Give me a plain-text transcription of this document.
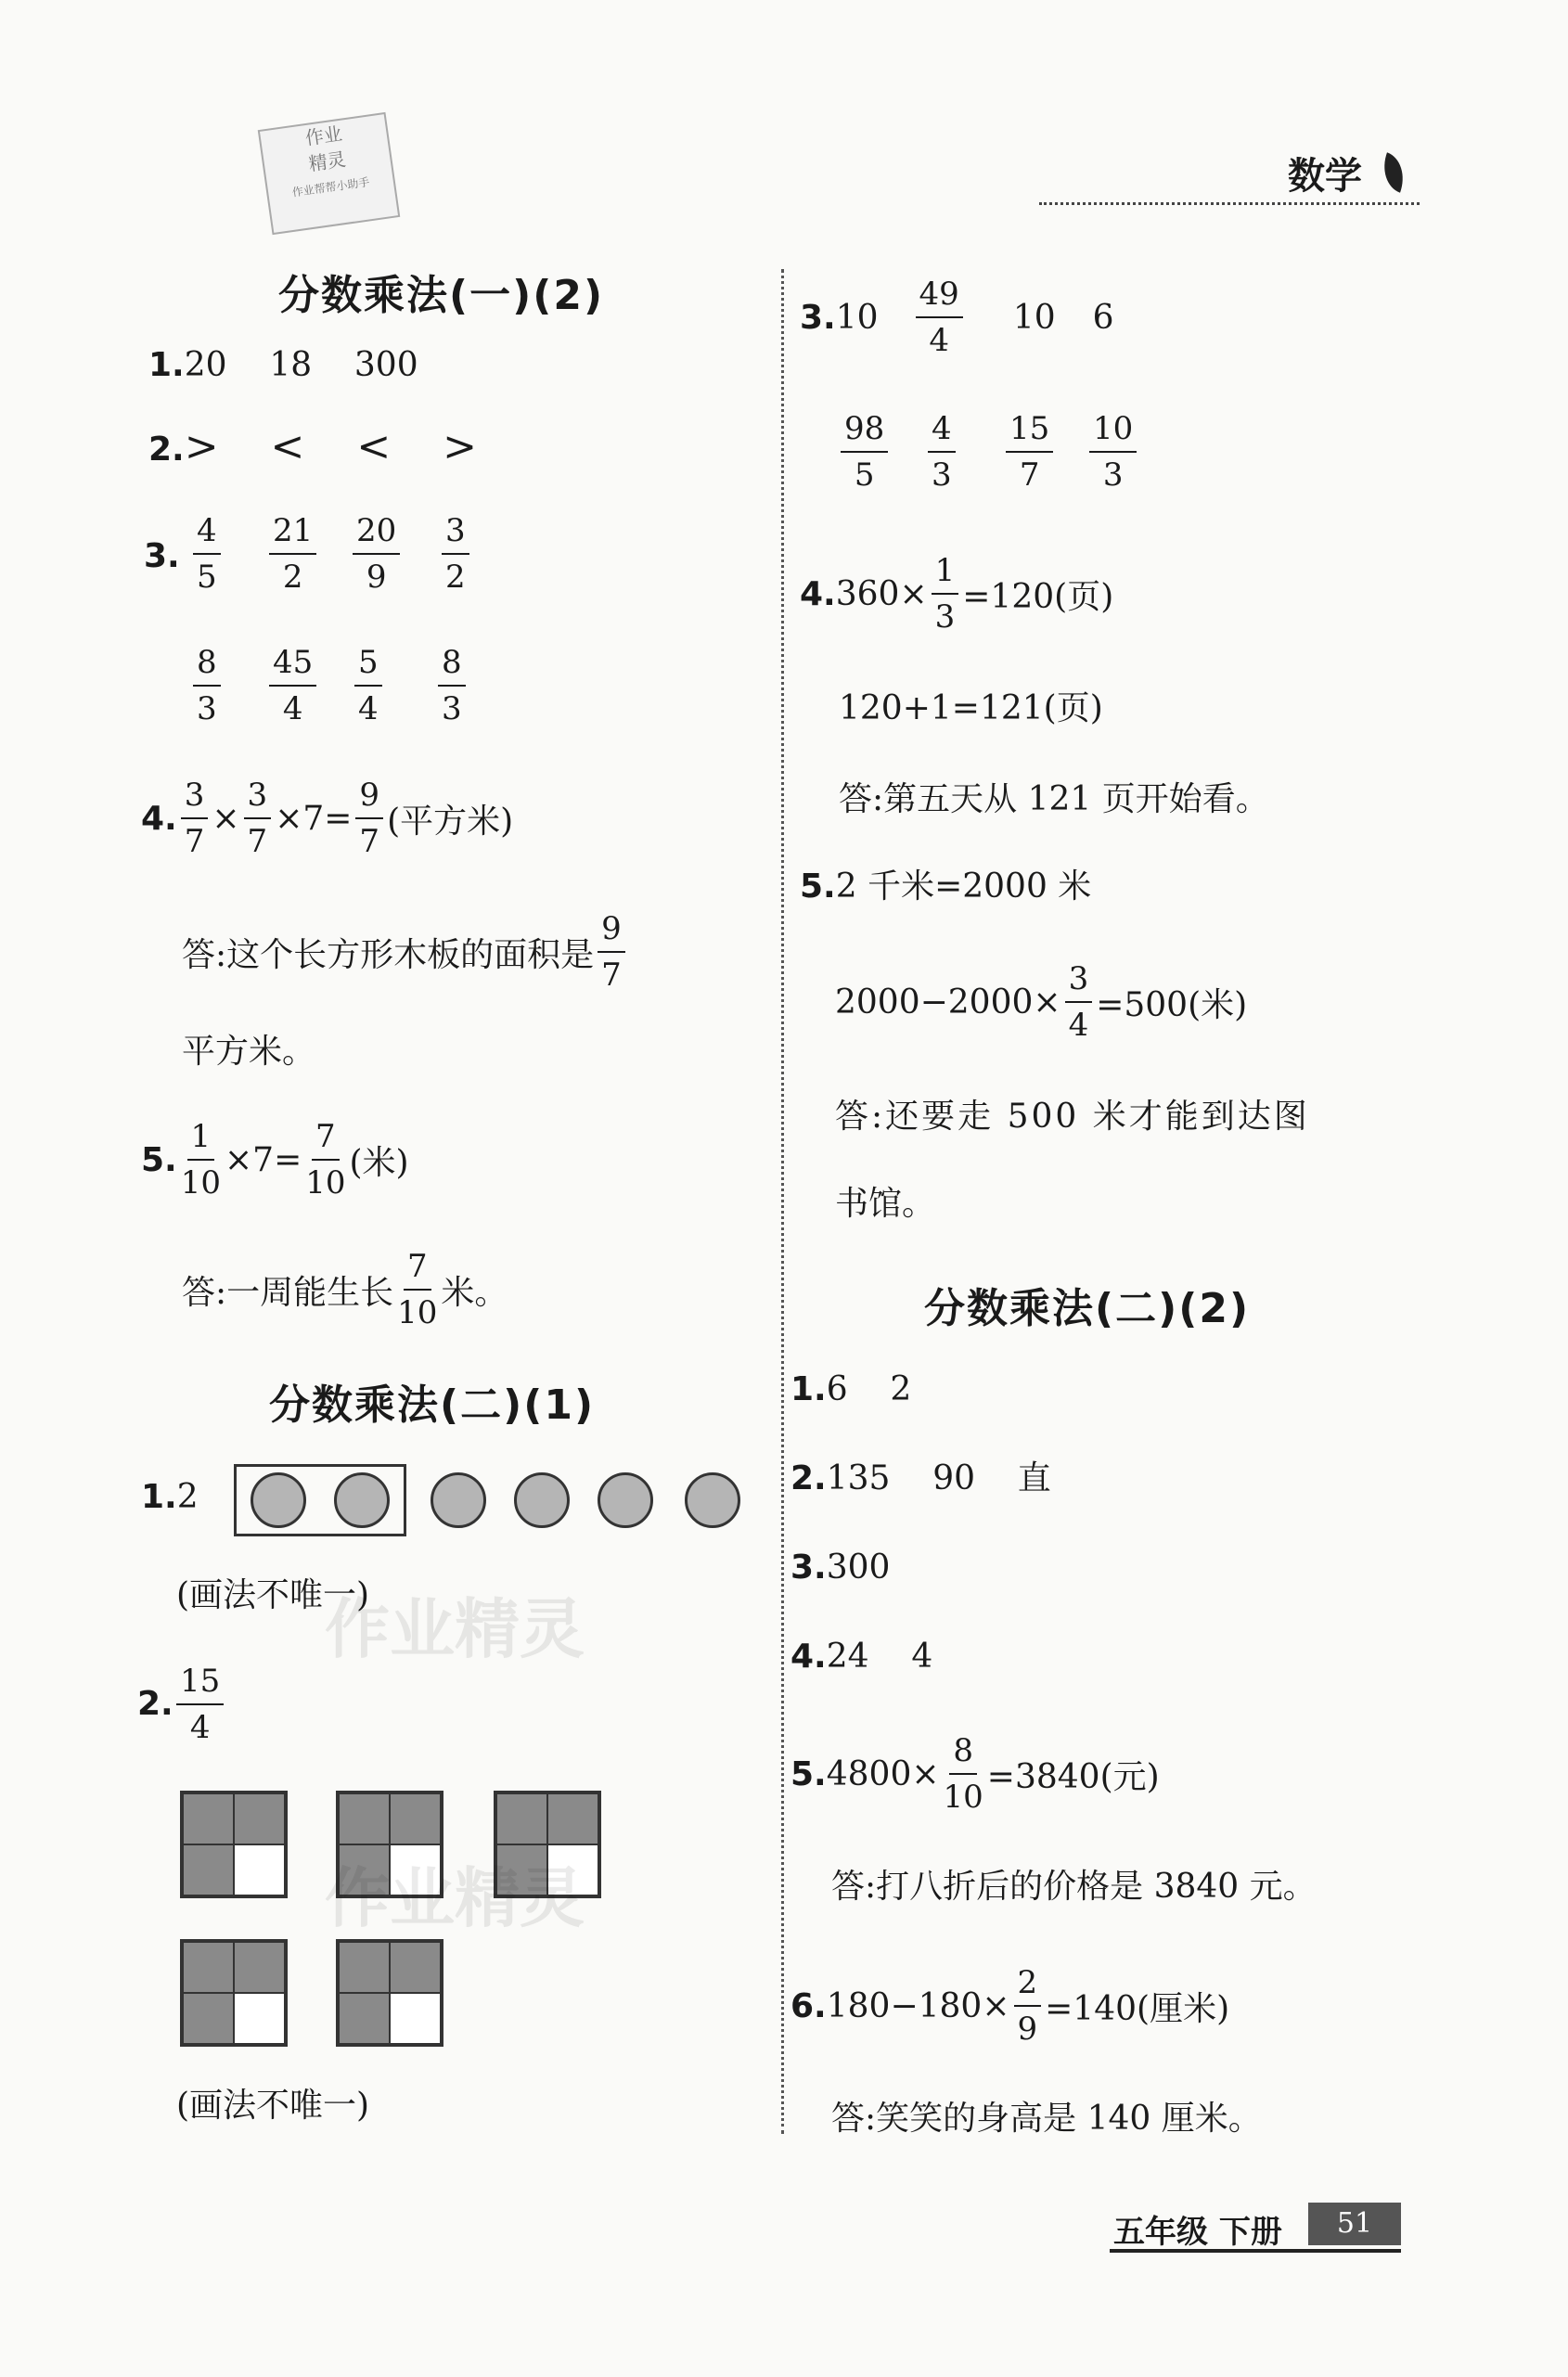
作业
精灵
作业帮帮小助手	数学
分数乘法(一)(2)
1.20    18    300
2.>    <    <    >
3. $\frac{4}{5} \frac{21}{2} \frac{20}{9} \frac{3}{2}$
$\frac{8}{3} \frac{45}{4} \frac{5}{4} \frac{8}{3}$
4. $\frac{3}{7} \times \frac{3}{7} \times 7= \frac{9}{7}$ (平方米)
答:这个长方形木板的面积是 $\frac{9}{7}$
平方米。
5. $\frac{1}{10} \times 7= \frac{7}{10}$ (米)
答:一周能生长 $\frac{7}{10}$ 米。
分数乘法(二)(1)
1.2
(画法不唯一)
作业精灵
2. $\frac{15}{4}$
作业精灵
(画法不唯一)
3. $10 \frac{49}{4} 10$ 6
$\frac{98}{5} \frac{4}{3} \frac{15}{7} \frac{10}{3}$
4. $360\times \frac{1}{3} =120$(页)
120+1=121(页)
答:第五天从 121 页开始看。
5.2 千米=2000 米
$2000-2000\times \frac{3}{4} =500$(米)
答:还要走 500 米才能到达图
书馆。
分数乘法(二)(2)
1.6    2
2.135    90    直
3.300
4.24    4
5. $4800\times \frac{8}{10} =3840$(元)
答:打八折后的价格是 3840 元。
6. $180-180\times \frac{2}{9} =140$(厘米)
答:笑笑的身高是 140 厘米。
五年级 下册	51
